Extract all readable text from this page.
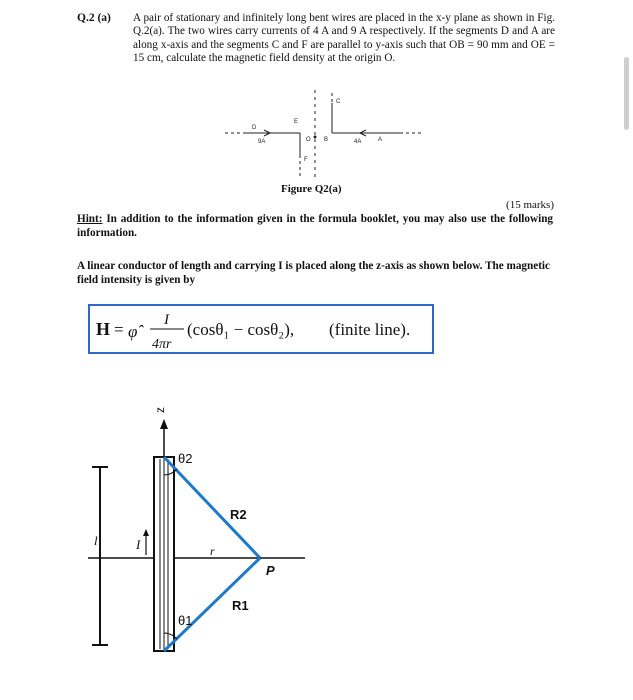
Q.2 (a) A pair of stationary and infinitely long bent wires are placed in the x-y plane as shown in Fig. Q.2(a). The two wires carry currents of 4 A and 9 A respectively. If the segments D and A are along x-axis and the segments C and F are parallel to y-axis such that OB = 90 mm and OE = 15 cm, calculate the magnetic field density at the origin O.
D
9A
E
O B
C
4A	A
F
Figure Q2(a)
(15 marks)
Hint: In addition to the information given in the formula booklet, you may also use the following information.
A linear conductor of length and carrying I is placed along the z-axis as shown below. The magnetic field intensity is given by
H = φ̂
I
4πr
(cosθ₁ − cosθ₂), (finite line).
l
z
I
θ2
θ1
R2
R1
r
P
